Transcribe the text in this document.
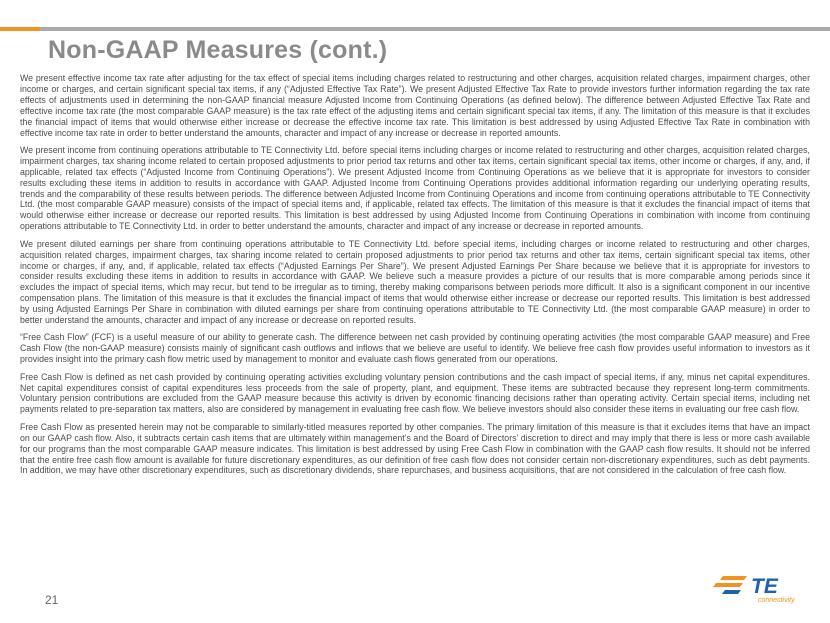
Non-GAAP Measures (cont.)

We present effective income tax rate after adjusting for the tax effect of special items including charges related to restructuring and other charges, acquisition related charges, impairment charges, other income or charges, and certain significant special tax items, if any (“Adjusted Effective Tax Rate”). We present Adjusted Effective Tax Rate to provide investors further information regarding the tax rate effects of adjustments used in determining the non-GAAP financial measure Adjusted Income from Continuing Operations (as defined below). The difference between Adjusted Effective Tax Rate and effective income tax rate (the most comparable GAAP measure) is the tax rate effect of the adjusting items and certain significant special tax items, if any. The limitation of this measure is that it excludes the financial impact of items that would otherwise either increase or decrease the effective income tax rate. This limitation is best addressed by using Adjusted Effective Tax Rate in combination with effective income tax rate in order to better understand the amounts, character and impact of any increase or decrease in reported amounts.

We present income from continuing operations attributable to TE Connectivity Ltd. before special items including charges or income related to restructuring and other charges, acquisition related charges, impairment charges, tax sharing income related to certain proposed adjustments to prior period tax returns and other tax items, certain significant special tax items, other income or charges, if any, and, if applicable, related tax effects (“Adjusted Income from Continuing Operations”). We present Adjusted Income from Continuing Operations as we believe that it is appropriate for investors to consider results excluding these items in addition to results in accordance with GAAP. Adjusted Income from Continuing Operations provides additional information regarding our underlying operating results, trends and the comparability of these results between periods. The difference between Adjusted Income from Continuing Operations and income from continuing operations attributable to TE Connectivity Ltd. (the most comparable GAAP measure) consists of the impact of special items and, if applicable, related tax effects. The limitation of this measure is that it excludes the financial impact of items that would otherwise either increase or decrease our reported results. This limitation is best addressed by using Adjusted Income from Continuing Operations in combination with income from continuing operations attributable to TE Connectivity Ltd. in order to better understand the amounts, character and impact of any increase or decrease in reported amounts.

We present diluted earnings per share from continuing operations attributable to TE Connectivity Ltd. before special items, including charges or income related to restructuring and other charges, acquisition related charges, impairment charges, tax sharing income related to certain proposed adjustments to prior period tax returns and other tax items, certain significant special tax items, other income or charges, if any, and, if applicable, related tax effects (“Adjusted Earnings Per Share”). We present Adjusted Earnings Per Share because we believe that it is appropriate for investors to consider results excluding these items in addition to results in accordance with GAAP. We believe such a measure provides a picture of our results that is more comparable among periods since it excludes the impact of special items, which may recur, but tend to be irregular as to timing, thereby making comparisons between periods more difficult. It also is a significant component in our incentive compensation plans. The limitation of this measure is that it excludes the financial impact of items that would otherwise either increase or decrease our reported results. This limitation is best addressed by using Adjusted Earnings Per Share in combination with diluted earnings per share from continuing operations attributable to TE Connectivity Ltd. (the most comparable GAAP measure) in order to better understand the amounts, character and impact of any increase or decrease on reported results.

“Free Cash Flow” (FCF) is a useful measure of our ability to generate cash. The difference between net cash provided by continuing operating activities (the most comparable GAAP measure) and Free Cash Flow (the non-GAAP measure) consists mainly of significant cash outflows and inflows that we believe are useful to identify. We believe free cash flow provides useful information to investors as it provides insight into the primary cash flow metric used by management to monitor and evaluate cash flows generated from our operations.

Free Cash Flow is defined as net cash provided by continuing operating activities excluding voluntary pension contributions and the cash impact of special items, if any, minus net capital expenditures. Net capital expenditures consist of capital expenditures less proceeds from the sale of property, plant, and equipment. These items are subtracted because they represent long-term commitments. Voluntary pension contributions are excluded from the GAAP measure because this activity is driven by economic financing decisions rather than operating activity. Certain special items, including net payments related to pre-separation tax matters, also are considered by management in evaluating free cash flow. We believe investors should also consider these items in evaluating our free cash flow.

Free Cash Flow as presented herein may not be comparable to similarly-titled measures reported by other companies. The primary limitation of this measure is that it excludes items that have an impact on our GAAP cash flow. Also, it subtracts certain cash items that are ultimately within management’s and the Board of Directors’ discretion to direct and may imply that there is less or more cash available for our programs than the most comparable GAAP measure indicates. This limitation is best addressed by using Free Cash Flow in combination with the GAAP cash flow results. It should not be inferred that the entire free cash flow amount is available for future discretionary expenditures, as our definition of free cash flow does not consider certain non-discretionary expenditures, such as debt payments. In addition, we may have other discretionary expenditures, such as discretionary dividends, share repurchases, and business acquisitions, that are not considered in the calculation of free cash flow.

21
TE
connectivity
